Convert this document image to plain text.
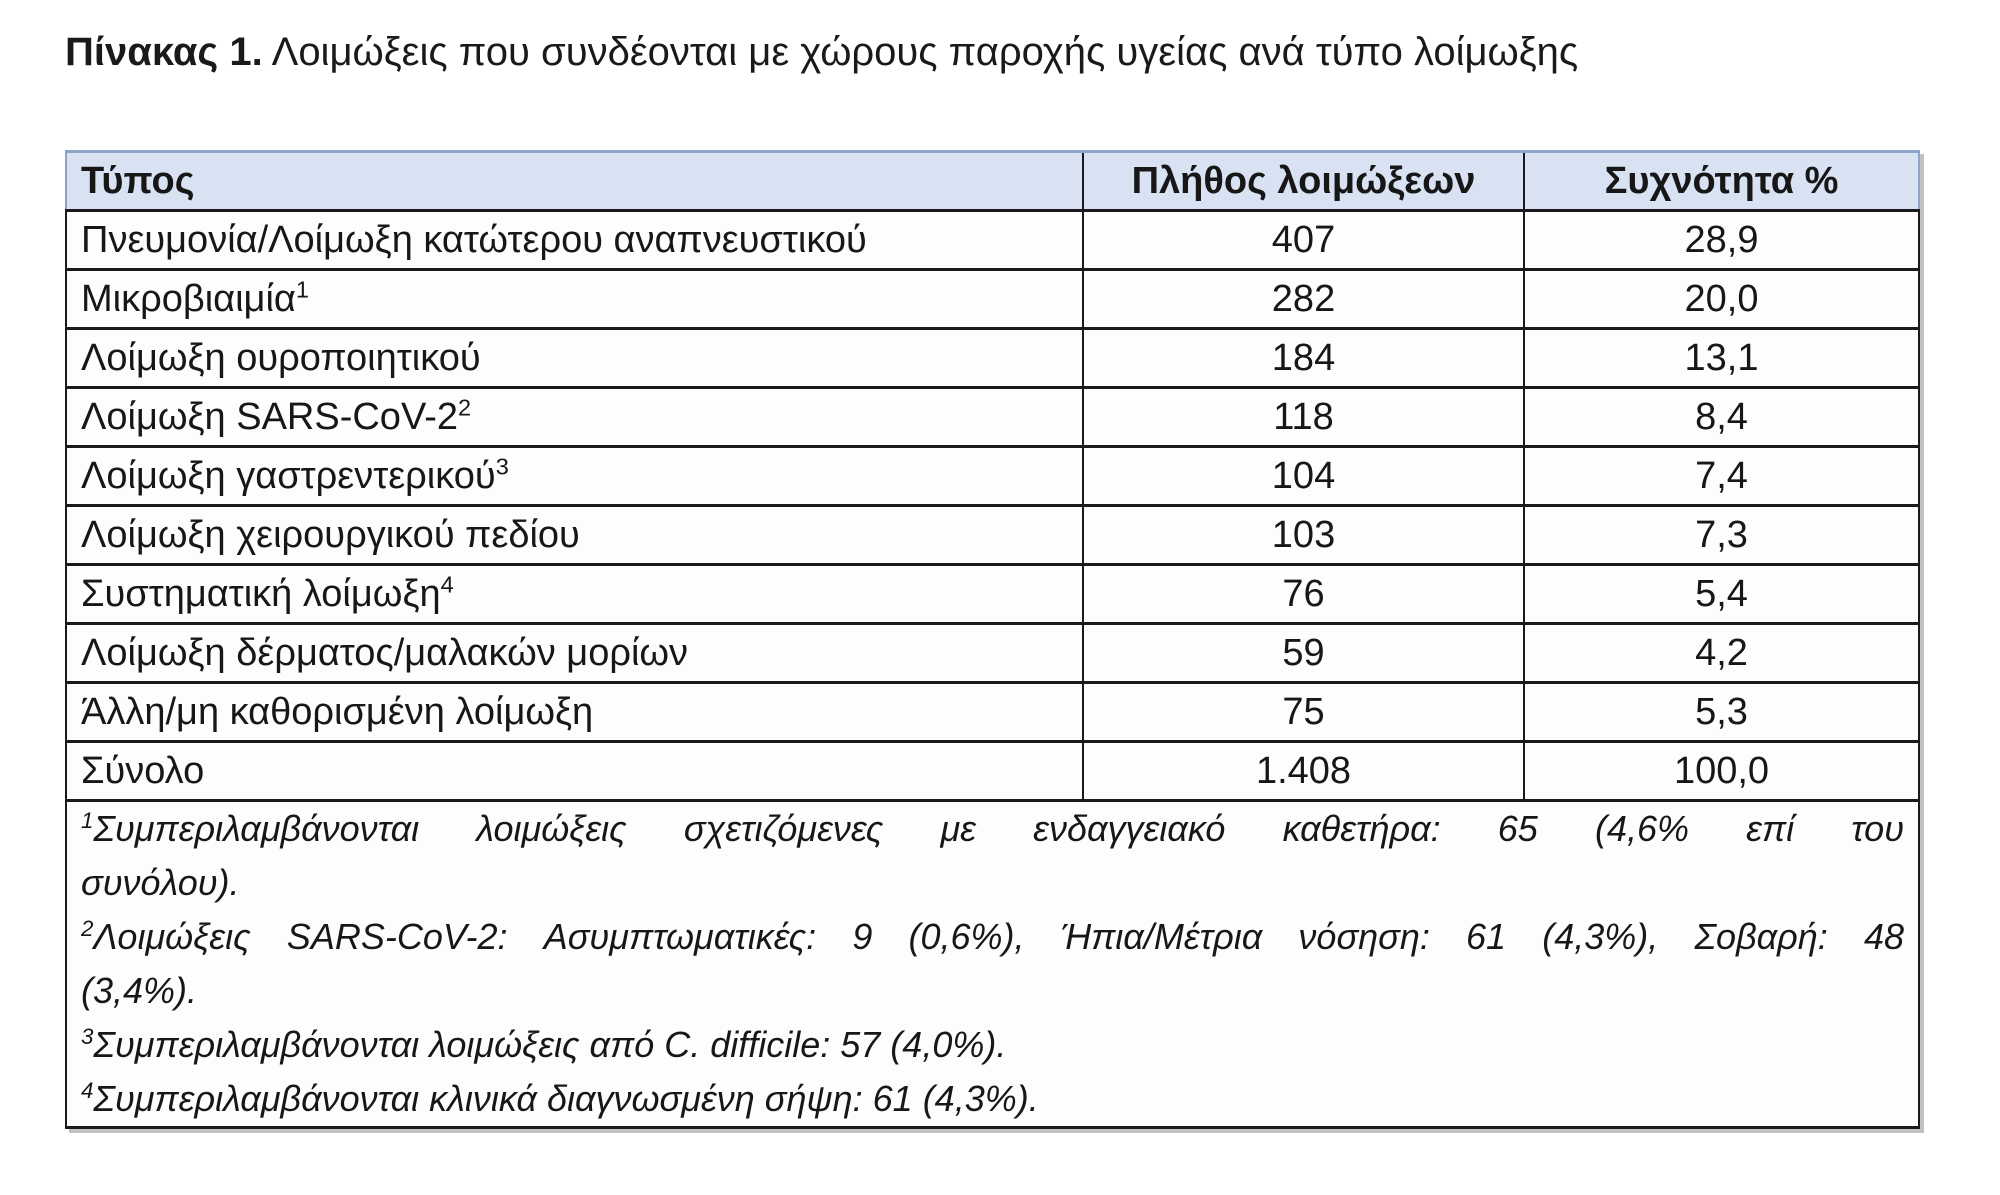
Πίνακας 1. Λοιμώξεις που συνδέονται με χώρους παροχής υγείας ανά τύπο λοίμωξης
Τύπος	Πλήθος λοιμώξεων	Συχνότητα %
Πνευμονία/Λοίμωξη κατώτερου αναπνευστικού	407	28,9
Μικροβιαιμία$^1$	282	20,0
Λοίμωξη ουροποιητικού	184	13,1
Λοίμωξη SARS-$CoV-2^2$	118	8,4
Λοίμωξη γαστρεντερικού$^3$	104	7,4
Λοίμωξη χειρουργικού πεδίου	103	7,3
Συστηματική λοίμωξη$^4$	76	5,4
Λοίμωξη δέρματος/μαλακών μορίων	59	4,2
Άλλη/μη καθορισμένη λοίμωξη	75	5,3
Σύνολο	1.408	100,0

$^1$Συμπεριλαμβάνονται λοιμώξεις σχετιζόμενες με ενδαγγειακό καθετήρα: 65 (4,6% επί του
συνόλου).
$^2$Λοιμώξεις SARS-CoV-2: Ασυμπτωματικές: 9 (0,6%), Ήπια/Μέτρια νόσηση: 61 (4,3%), Σοβαρή: 48
(3,4%).
$^3$Συμπεριλαμβάνονται λοιμώξεις από C. difficile: 57 (4,0%).
$^4$Συμπεριλαμβάνονται κλινικά διαγνωσμένη σήψη: 61 (4,3%).
